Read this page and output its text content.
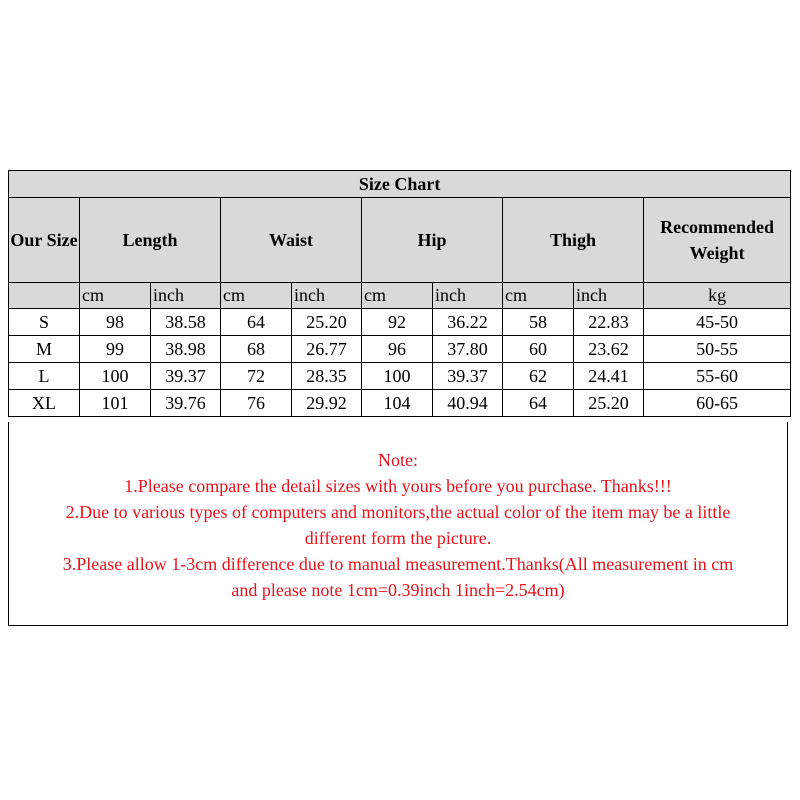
Size Chart									
Our Size	Length		Waist		Hip		Thigh		Recommended Weight
	cm	inch	cm	inch	cm	inch	cm	inch	kg
S	98	38.58	64	25.20	92	36.22	58	22.83	45-50
M	99	38.98	68	26.77	96	37.80	60	23.62	50-55
L	100	39.37	72	28.35	100	39.37	62	24.41	55-60
XL	101	39.76	76	29.92	104	40.94	64	25.20	60-65
Note:
1.Please compare the detail sizes with yours before you purchase. Thanks!!!
2.Due to various types of computers and monitors,the actual color of the item may be a little
different form the picture.
3.Please allow 1-3cm difference due to manual measurement.Thanks(All measurement in cm
and please note 1cm=0.39inch 1inch=2.54cm)
